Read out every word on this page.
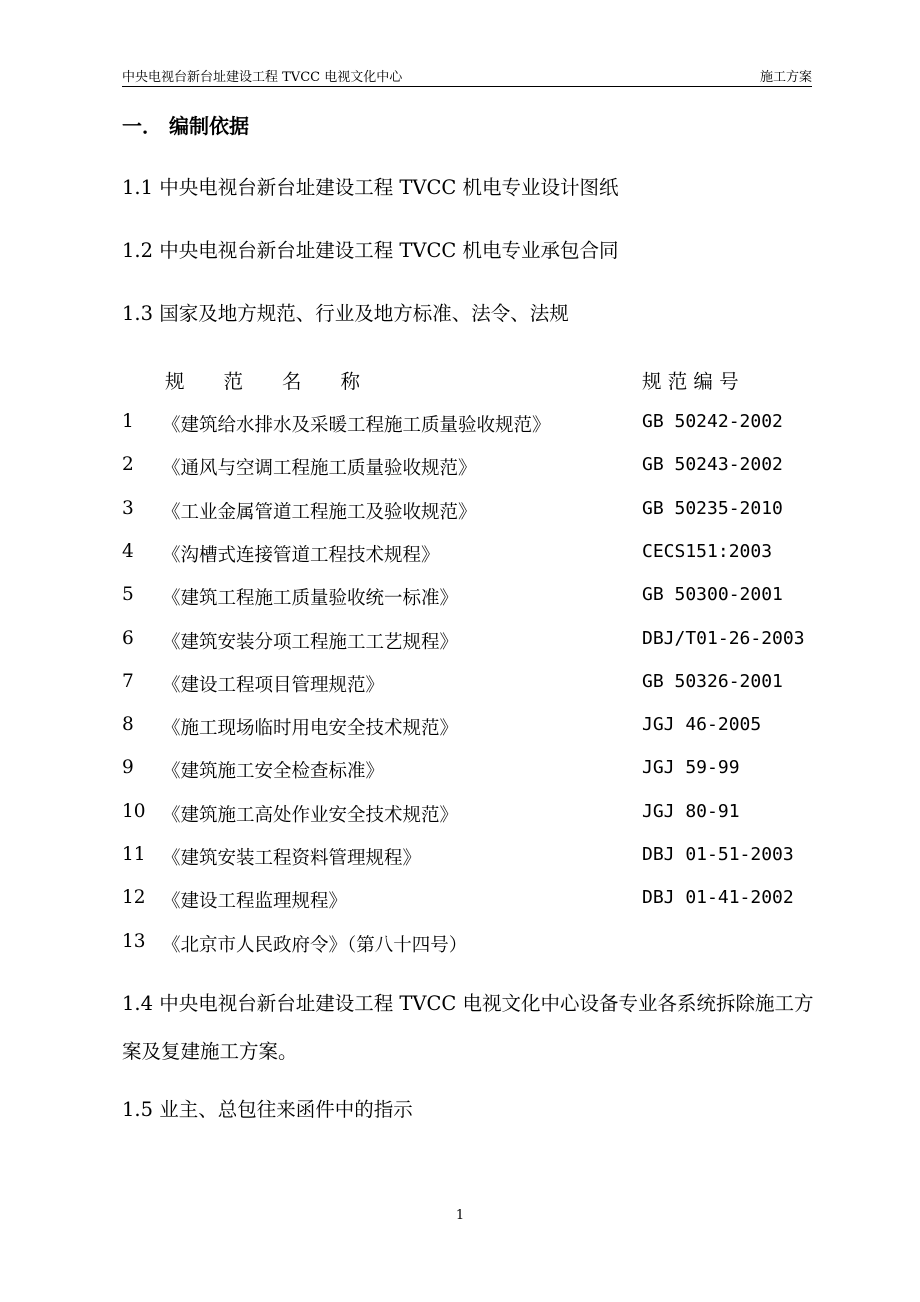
中央电视台新台址建设工程 TVCC 电视文化中心	施工方案
一． 编制依据
1.1 中央电视台新台址建设工程 TVCC 机电专业设计图纸
1.2 中央电视台新台址建设工程 TVCC 机电专业承包合同
1.3 国家及地方规范、行业及地方标准、法令、法规
规　　范　　名　　称	规 范 编 号
1 《建筑给水排水及采暖工程施工质量验收规范》	GB 50242-2002
2 《通风与空调工程施工质量验收规范》	GB 50243-2002
3 《工业金属管道工程施工及验收规范》	GB 50235-2010
4 《沟槽式连接管道工程技术规程》	CECS151:2003
5 《建筑工程施工质量验收统一标准》	GB 50300-2001
6 《建筑安装分项工程施工工艺规程》	DBJ/T01-26-2003
7 《建设工程项目管理规范》	GB 50326-2001
8 《施工现场临时用电安全技术规范》	JGJ 46-2005
9 《建筑施工安全检查标准》	JGJ 59-99
10 《建筑施工高处作业安全技术规范》	JGJ 80-91
11 《建筑安装工程资料管理规程》	DBJ 01-51-2003
12 《建设工程监理规程》	DBJ 01-41-2002
13 《北京市人民政府令》（第八十四号）
1.4 中央电视台新台址建设工程 TVCC 电视文化中心设备专业各系统拆除施工方案及复建施工方案。
1.5 业主、总包往来函件中的指示
1
